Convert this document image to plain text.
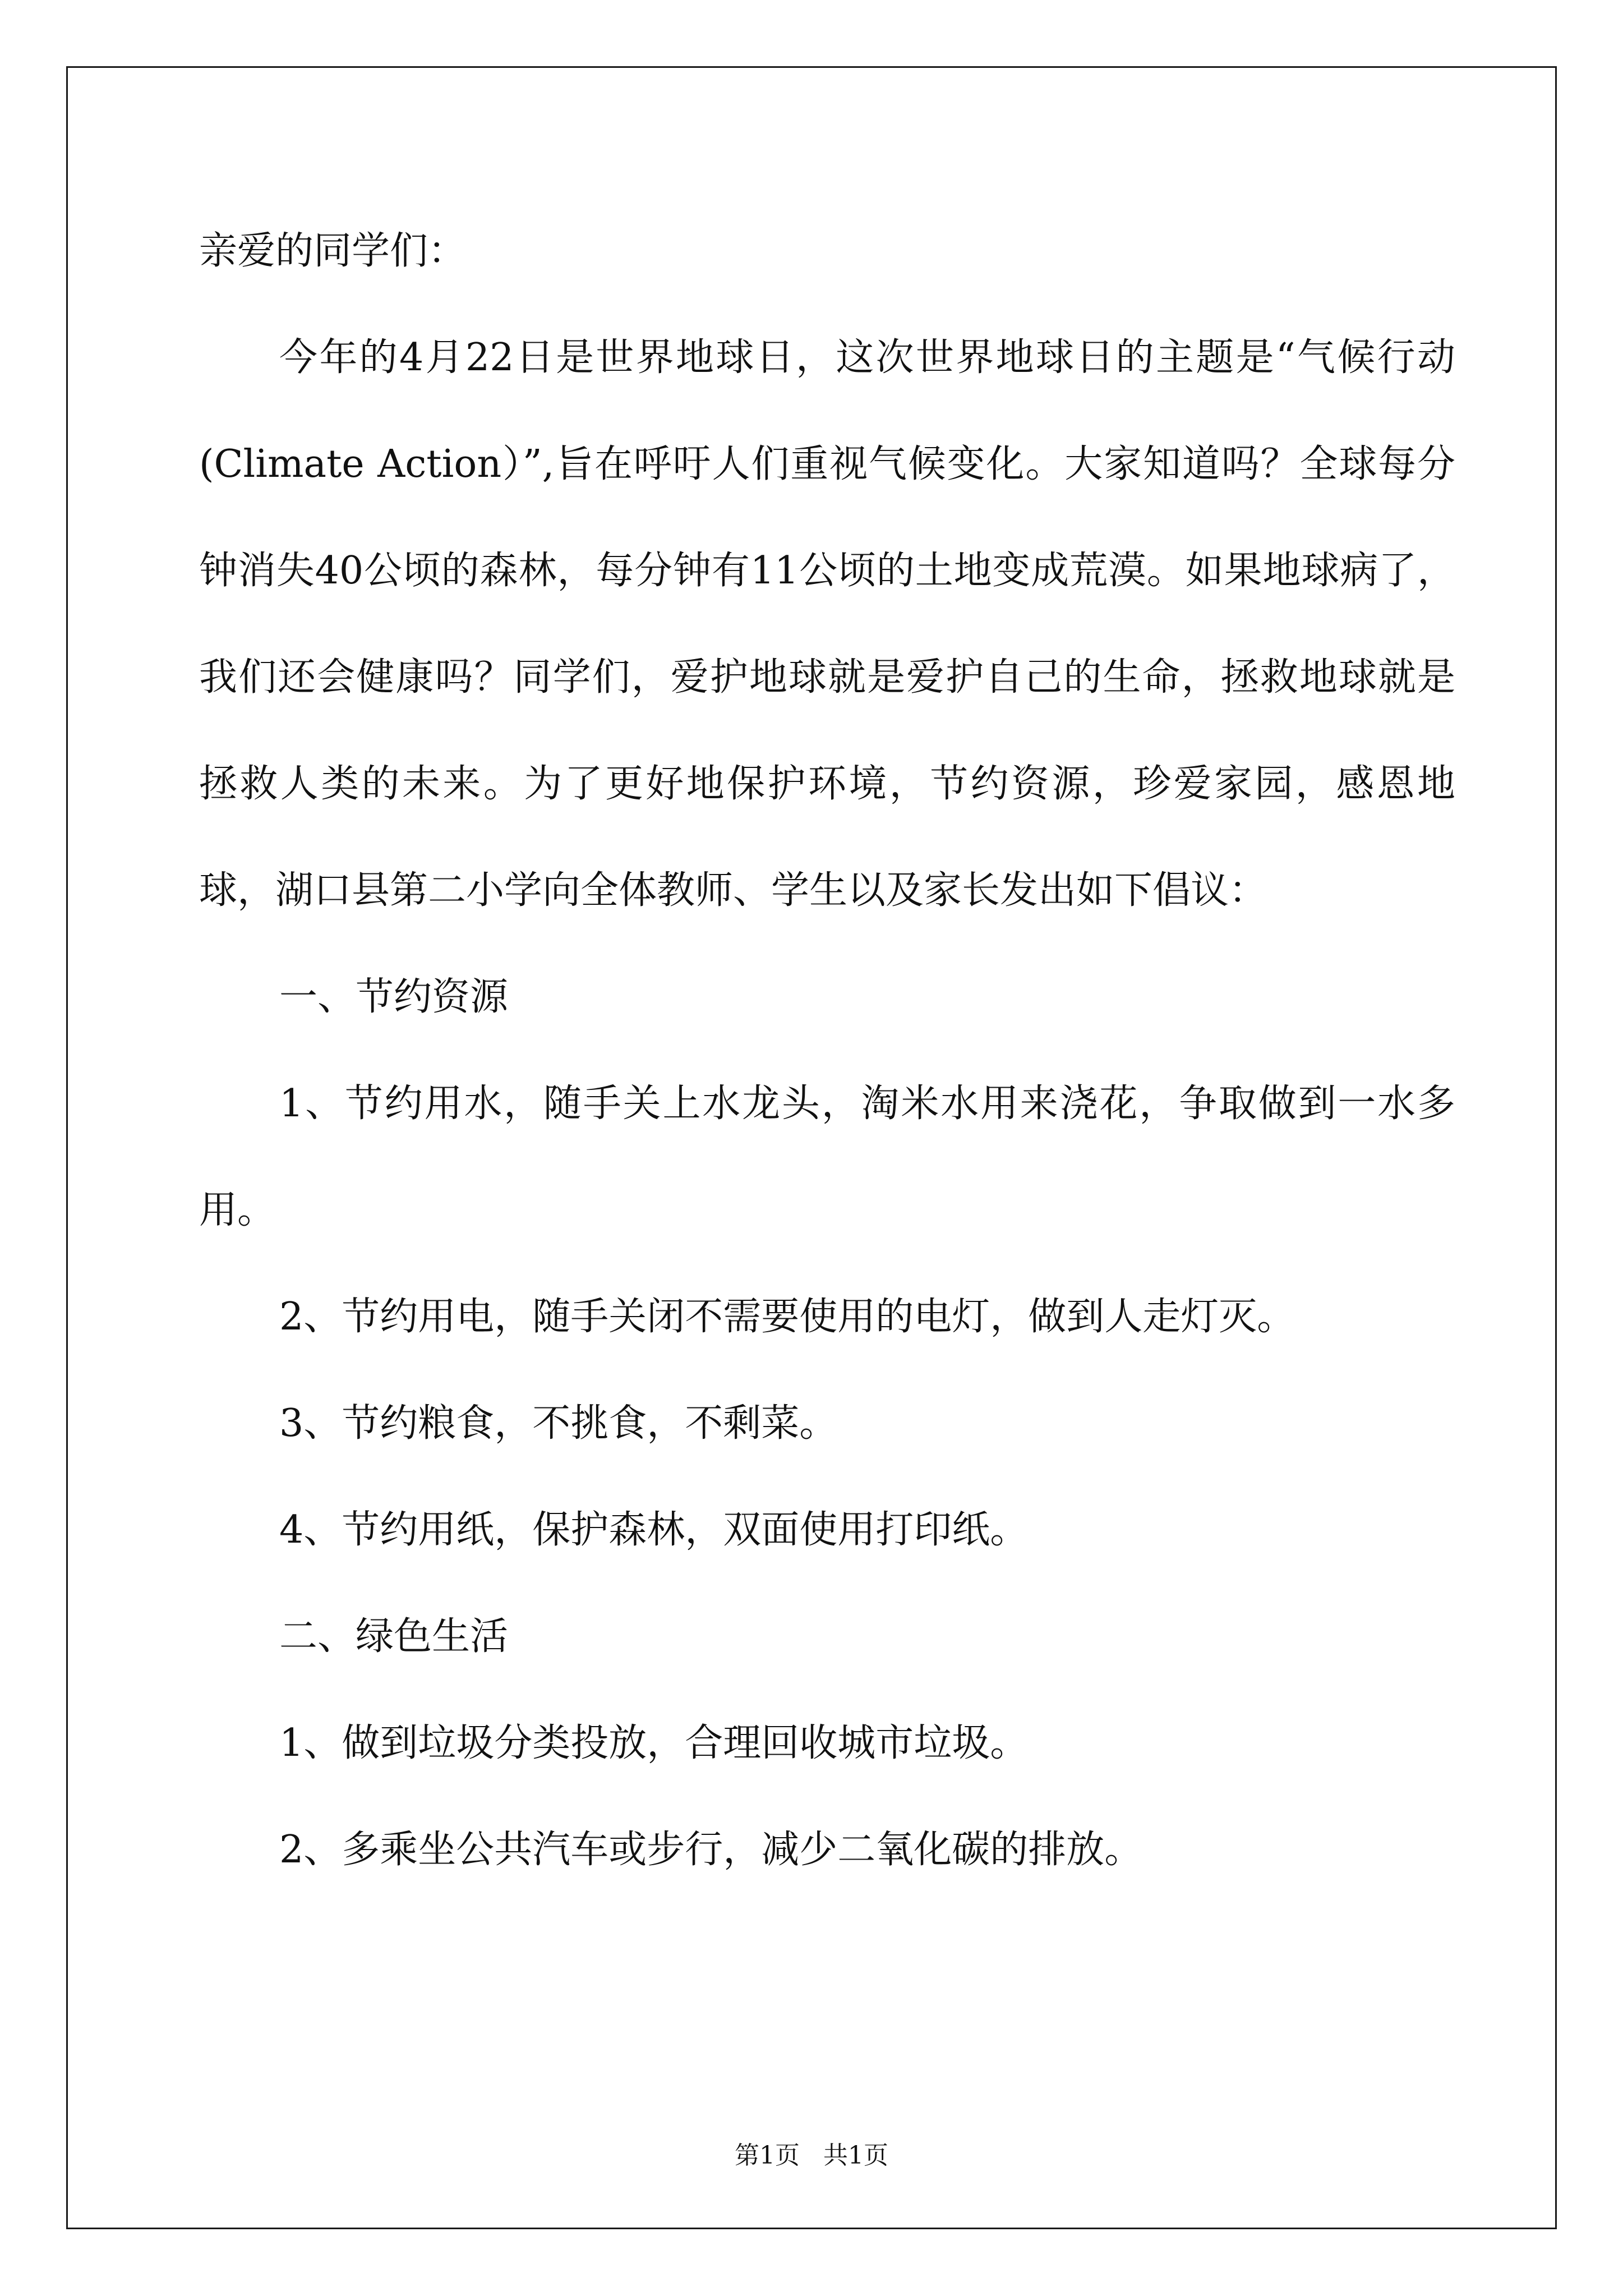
亲爱的同学们：

今年的4月22日是世界地球日，这次世界地球日的主题是“气候行动(Climate Action）”,旨在呼吁人们重视气候变化。大家知道吗？全球每分钟消失40公顷的森林，每分钟有11公顷的土地变成荒漠。如果地球病了，我们还会健康吗？同学们，爱护地球就是爱护自己的生命，拯救地球就是拯救人类的未来。为了更好地保护环境，节约资源，珍爱家园，感恩地球，湖口县第二小学向全体教师、学生以及家长发出如下倡议：

一、节约资源

1、节约用水，随手关上水龙头，淘米水用来浇花，争取做到一水多用。

2、节约用电，随手关闭不需要使用的电灯，做到人走灯灭。

3、节约粮食，不挑食，不剩菜。

4、节约用纸，保护森林，双面使用打印纸。

二、绿色生活

1、做到垃圾分类投放，合理回收城市垃圾。

2、多乘坐公共汽车或步行，减少二氧化碳的排放。

第1页   共1页
